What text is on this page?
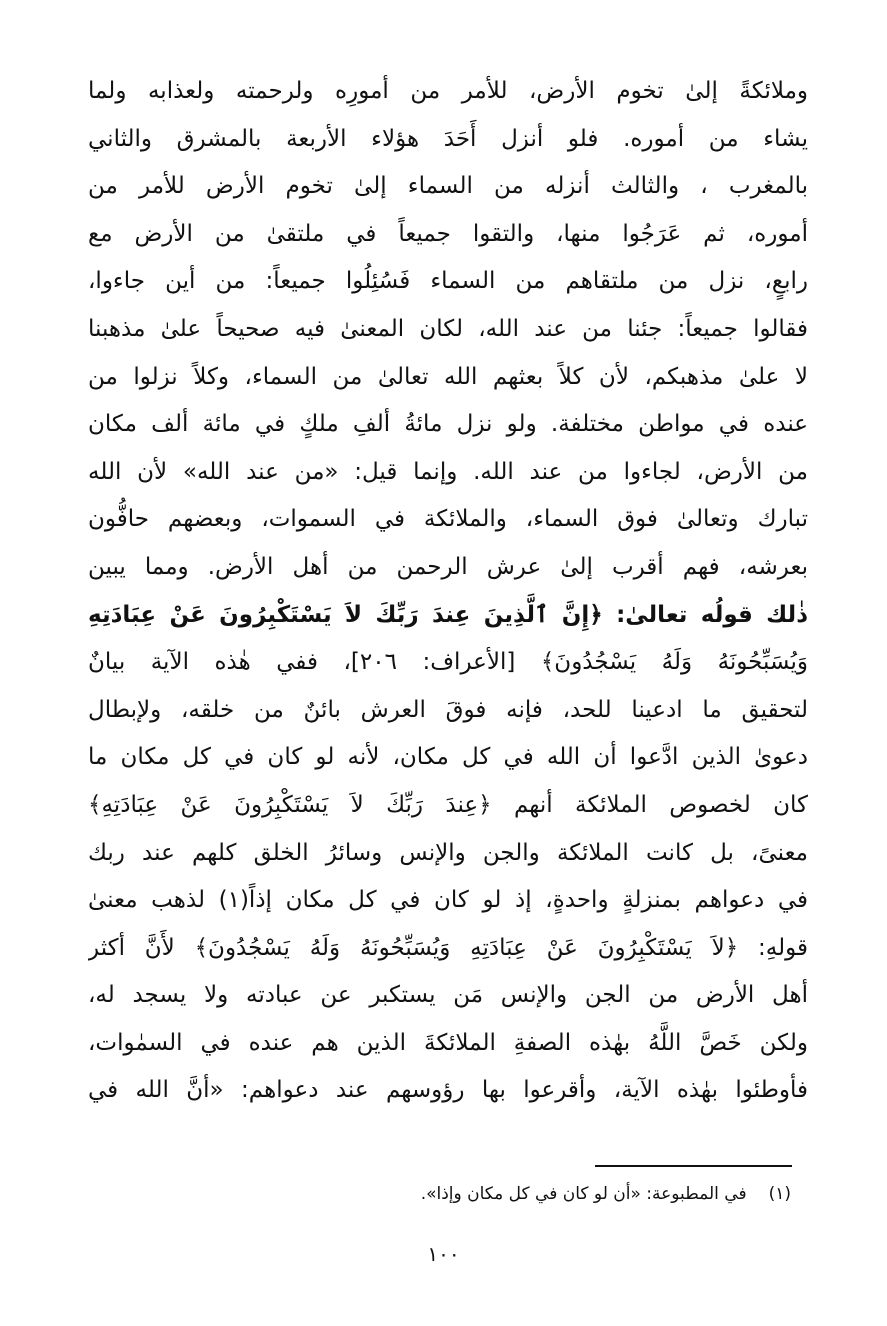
وملائكةً إلىٰ تخوم الأرض، للأمر من أمورِه ولرحمته ولعذابه ولما
يشاء من أموره. فلو أنزل أَحَدَ هؤلاء الأربعة بالمشرق والثاني
بالمغرب ، والثالث أنزله من السماء إلىٰ تخوم الأرض للأمر من
أموره، ثم عَرَجُوا منها، والتقوا جميعاً في ملتقىٰ من الأرض مع
رابعٍ، نزل من ملتقاهم من السماء فَسُئِلُوا جميعاً: من أين جاءوا،
فقالوا جميعاً: جئنا من عند الله، لكان المعنىٰ فيه صحيحاً علىٰ مذهبنا
لا علىٰ مذهبكم، لأن كلاً بعثهم الله تعالىٰ من السماء، وكلاً نزلوا من
عنده في مواطن مختلفة. ولو نزل مائةُ ألفِ ملكٍ في مائة ألف مكان
من الأرض، لجاءوا من عند الله. وإنما قيل: «من عند الله» لأن الله
تبارك وتعالىٰ فوق السماء، والملائكة في السموات، وبعضهم حافُّون
بعرشه، فهم أقرب إلىٰ عرش الرحمن من أهل الأرض. ومما يبين
ذٰلك قولُه تعالىٰ: ﴿إِنَّ ٱلَّذِينَ عِندَ رَبِّكَ لاَ يَسْتَكْبِرُونَ عَنْ عِبَادَتِهِ
وَيُسَبِّحُونَهُ وَلَهُ يَسْجُدُونَ﴾ [الأعراف: ٢٠٦]، ففي هٰذه الآية بيانٌ
لتحقيق ما ادعينا للحد، فإنه فوقَ العرش بائنٌ من خلقه، ولإبطال
دعوىٰ الذين ادَّعوا أن الله في كل مكان، لأنه لو كان في كل مكان ما
كان لخصوص الملائكة أنهم ﴿عِندَ رَبِّكَ لاَ يَسْتَكْبِرُونَ عَنْ عِبَادَتِهِ﴾
معنىً، بل كانت الملائكة والجن والإنس وسائرُ الخلق كلهم عند ربك
في دعواهم بمنزلةٍ واحدةٍ، إذ لو كان في كل مكان إذاً(١) لذهب معنىٰ
قولهِ: ﴿لاَ يَسْتَكْبِرُونَ عَنْ عِبَادَتِهِ وَيُسَبِّحُونَهُ وَلَهُ يَسْجُدُونَ﴾ لأَنَّ أكثر
أهل الأرض من الجن والإنس مَن يستكبر عن عبادته ولا يسجد له،
ولكن خَصَّ اللَّهُ بهٰذه الصفةِ الملائكةَ الذين هم عنده في السمٰوات،
فأوطئوا بهٰذه الآية، وأقرعوا بها رؤوسهم عند دعواهم: «أنَّ الله في
(١)في المطبوعة: «أن لو كان في كل مكان وإذا».
١٠٠
